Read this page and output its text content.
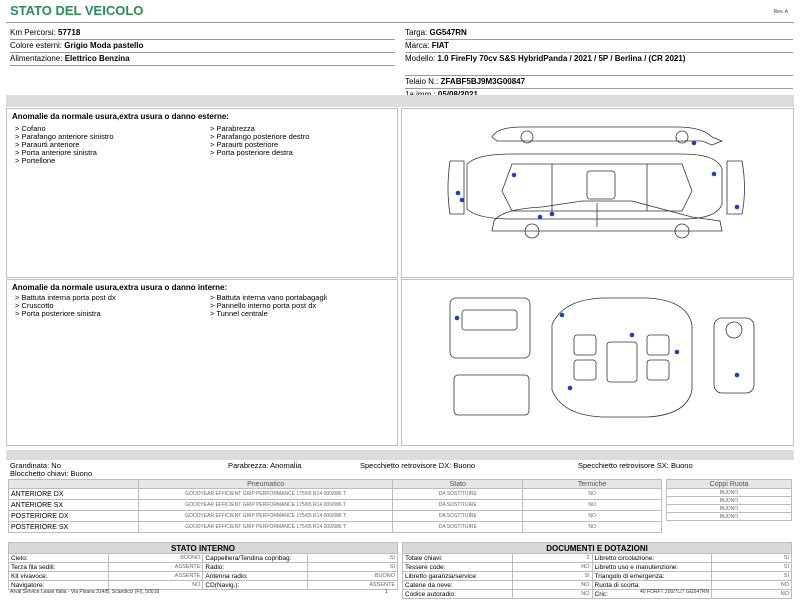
STATO DEL VEICOLO	Rev. A
Km Percorsi: 57718
Colore esterni: Grigio Moda pastello
Alimentazione: Elettrico Benzina
Targa: GG547RN
Marca: FIAT
Modello: 1.0 FireFly 70cv S&S HybridPanda / 2021 / 5P / Berlina / (CR 2021)
Telaio N.: ZFABF5BJ9M3G00847
Anomalie da normale usura,extra usura o danno esterne:
> Cofano
> Parafango anteriore sinistro
> Paraurti anteriore
> Porta anteriore sinistra
> Portellone
> Parabrezza
> Parafango posteriore destro
> Paraurti posteriore
> Porta posteriore destra
Anomalie da normale usura,extra usura o danno interne:
> Battuta interna porta post dx
> Cruscotto
> Porta posteriore sinistra
> Battuta interna vano portabagagli
> Pannello interno porta post dx
> Tunnel centrale
Grandinata: No	Parabrezza: Anomalia	Specchietto retrovisore DX: Buono	Specchietto retrovisore SX: Buono
Blocchetto chiavi: Buono
	Pneumatico	Stato	Termiche
ANTERIORE DX	GOODYEAR EFFICIENT GRIP PERFORMANCE 175/65 R14 000/086 T	DA SOSTITUIRE	NO
ANTERIORE SX	GOODYEAR EFFICIENT GRIP PERFORMANCE 175/65 R14 000/086 T	DA SOSTITUIRE	NO
POSTERIORE DX	GOODYEAR EFFICIENT GRIP PERFORMANCE 175/65 R14 000/086 T	DA SOSTITUIRE	NO
POSTERIORE SX	GOODYEAR EFFICIENT GRIP PERFORMANCE 175/65 R14 000/086 T	DA SOSTITUIRE	NO
Coppi Ruota
BUONO
BUONO
BUONO
BUONO
STATO INTERNO			
Cielo:	BUONO	Cappelliera/Tendina copribag:	SI
Terza fila sedili:	ASSENTE	Radio:	SI
Kit vivavoce:	ASSENTE	Antenna radio:	BUONO
Navigatore:	NO	CD(Navig.):	ASSENTE
DOCUMENTI E DOTAZIONI			
Totale chiavi:	2	Libretto circolazione:	SI
Tessere code:	NO	Libretto uso e manutenzione:	SI
Libretto garanzia/service:	SI	Triangolo di emergenza:	SI
Catene da neve:	NO	Ruota di scorta:	NO
Codice autoradio:	NO	Cric:	NO
Arval Service Lease Italia - Via Pisana 314/B, Scandicci (FI), 50018	1	40 FORFT 200/7L/7 GG547RN
